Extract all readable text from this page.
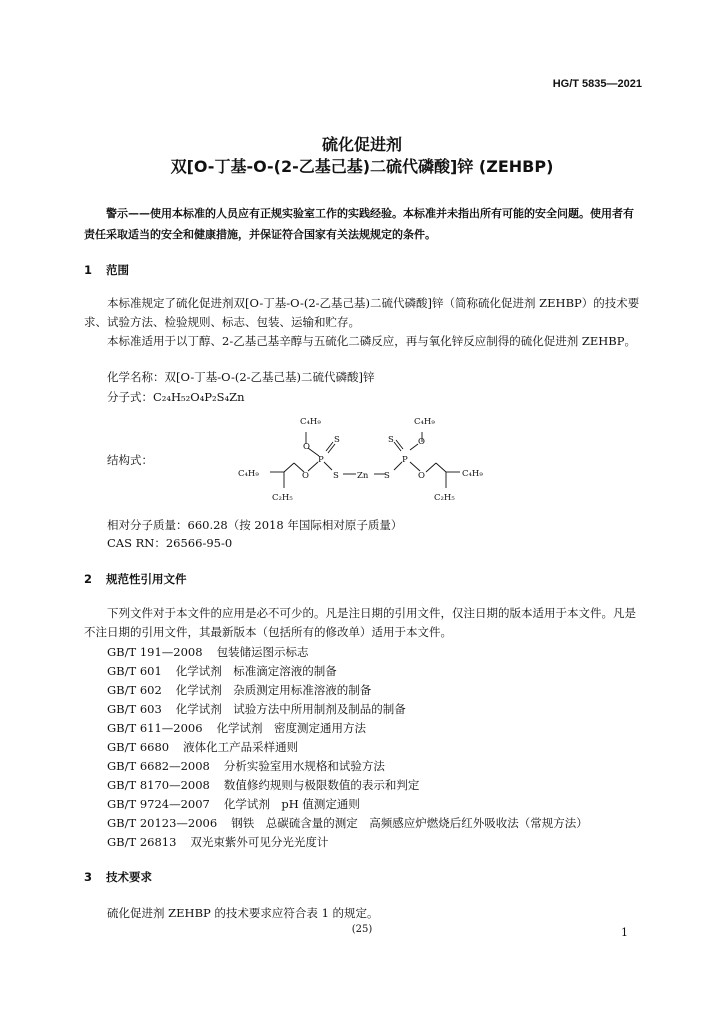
HG/T 5835—2021
硫化促进剂
双[O-丁基-O-(2-乙基己基)二硫代磷酸]锌 (ZEHBP)
警示——使用本标准的人员应有正规实验室工作的实践经验。本标准并未指出所有可能的安全问题。使用者有责任采取适当的安全和健康措施，并保证符合国家有关法规规定的条件。
1 范围
本标准规定了硫化促进剂双[O-丁基-O-(2-乙基己基)二硫代磷酸]锌（简称硫化促进剂 ZEHBP）的技术要求、试验方法、检验规则、标志、包装、运输和贮存。
本标准适用于以丁醇、2-乙基己基辛醇与五硫化二磷反应，再与氧化锌反应制得的硫化促进剂 ZEHBP。
化学名称：双[O-丁基-O-(2-乙基己基)二硫代磷酸]锌
分子式：C₂₄H₅₂O₄P₂S₄Zn
结构式：
C₄H₉
O
S
P
O	S Zn S
S
P
O
C₄H₉
O
C₄H₉
C₂H₅
C₄H₉
C₂H₅
相对分子质量：660.28（按 2018 年国际相对原子质量）
CAS RN：26566-95-0
2 规范性引用文件
下列文件对于本文件的应用是必不可少的。凡是注日期的引用文件，仅注日期的版本适用于本文件。凡是不注日期的引用文件，其最新版本（包括所有的修改单）适用于本文件。
GB/T 191—2008 包装储运图示标志
GB/T 601 化学试剂　标准滴定溶液的制备
GB/T 602 化学试剂　杂质测定用标准溶液的制备
GB/T 603 化学试剂　试验方法中所用制剂及制品的制备
GB/T 611—2006 化学试剂　密度测定通用方法
GB/T 6680 液体化工产品采样通则
GB/T 6682—2008 分析实验室用水规格和试验方法
GB/T 8170—2008 数值修约规则与极限数值的表示和判定
GB/T 9724—2007 化学试剂　pH 值测定通则
GB/T 20123—2006 钢铁　总碳硫含量的测定　高频感应炉燃烧后红外吸收法（常规方法）
GB/T 26813 双光束紫外可见分光光度计
3 技术要求
硫化促进剂 ZEHBP 的技术要求应符合表 1 的规定。
(25)	1
